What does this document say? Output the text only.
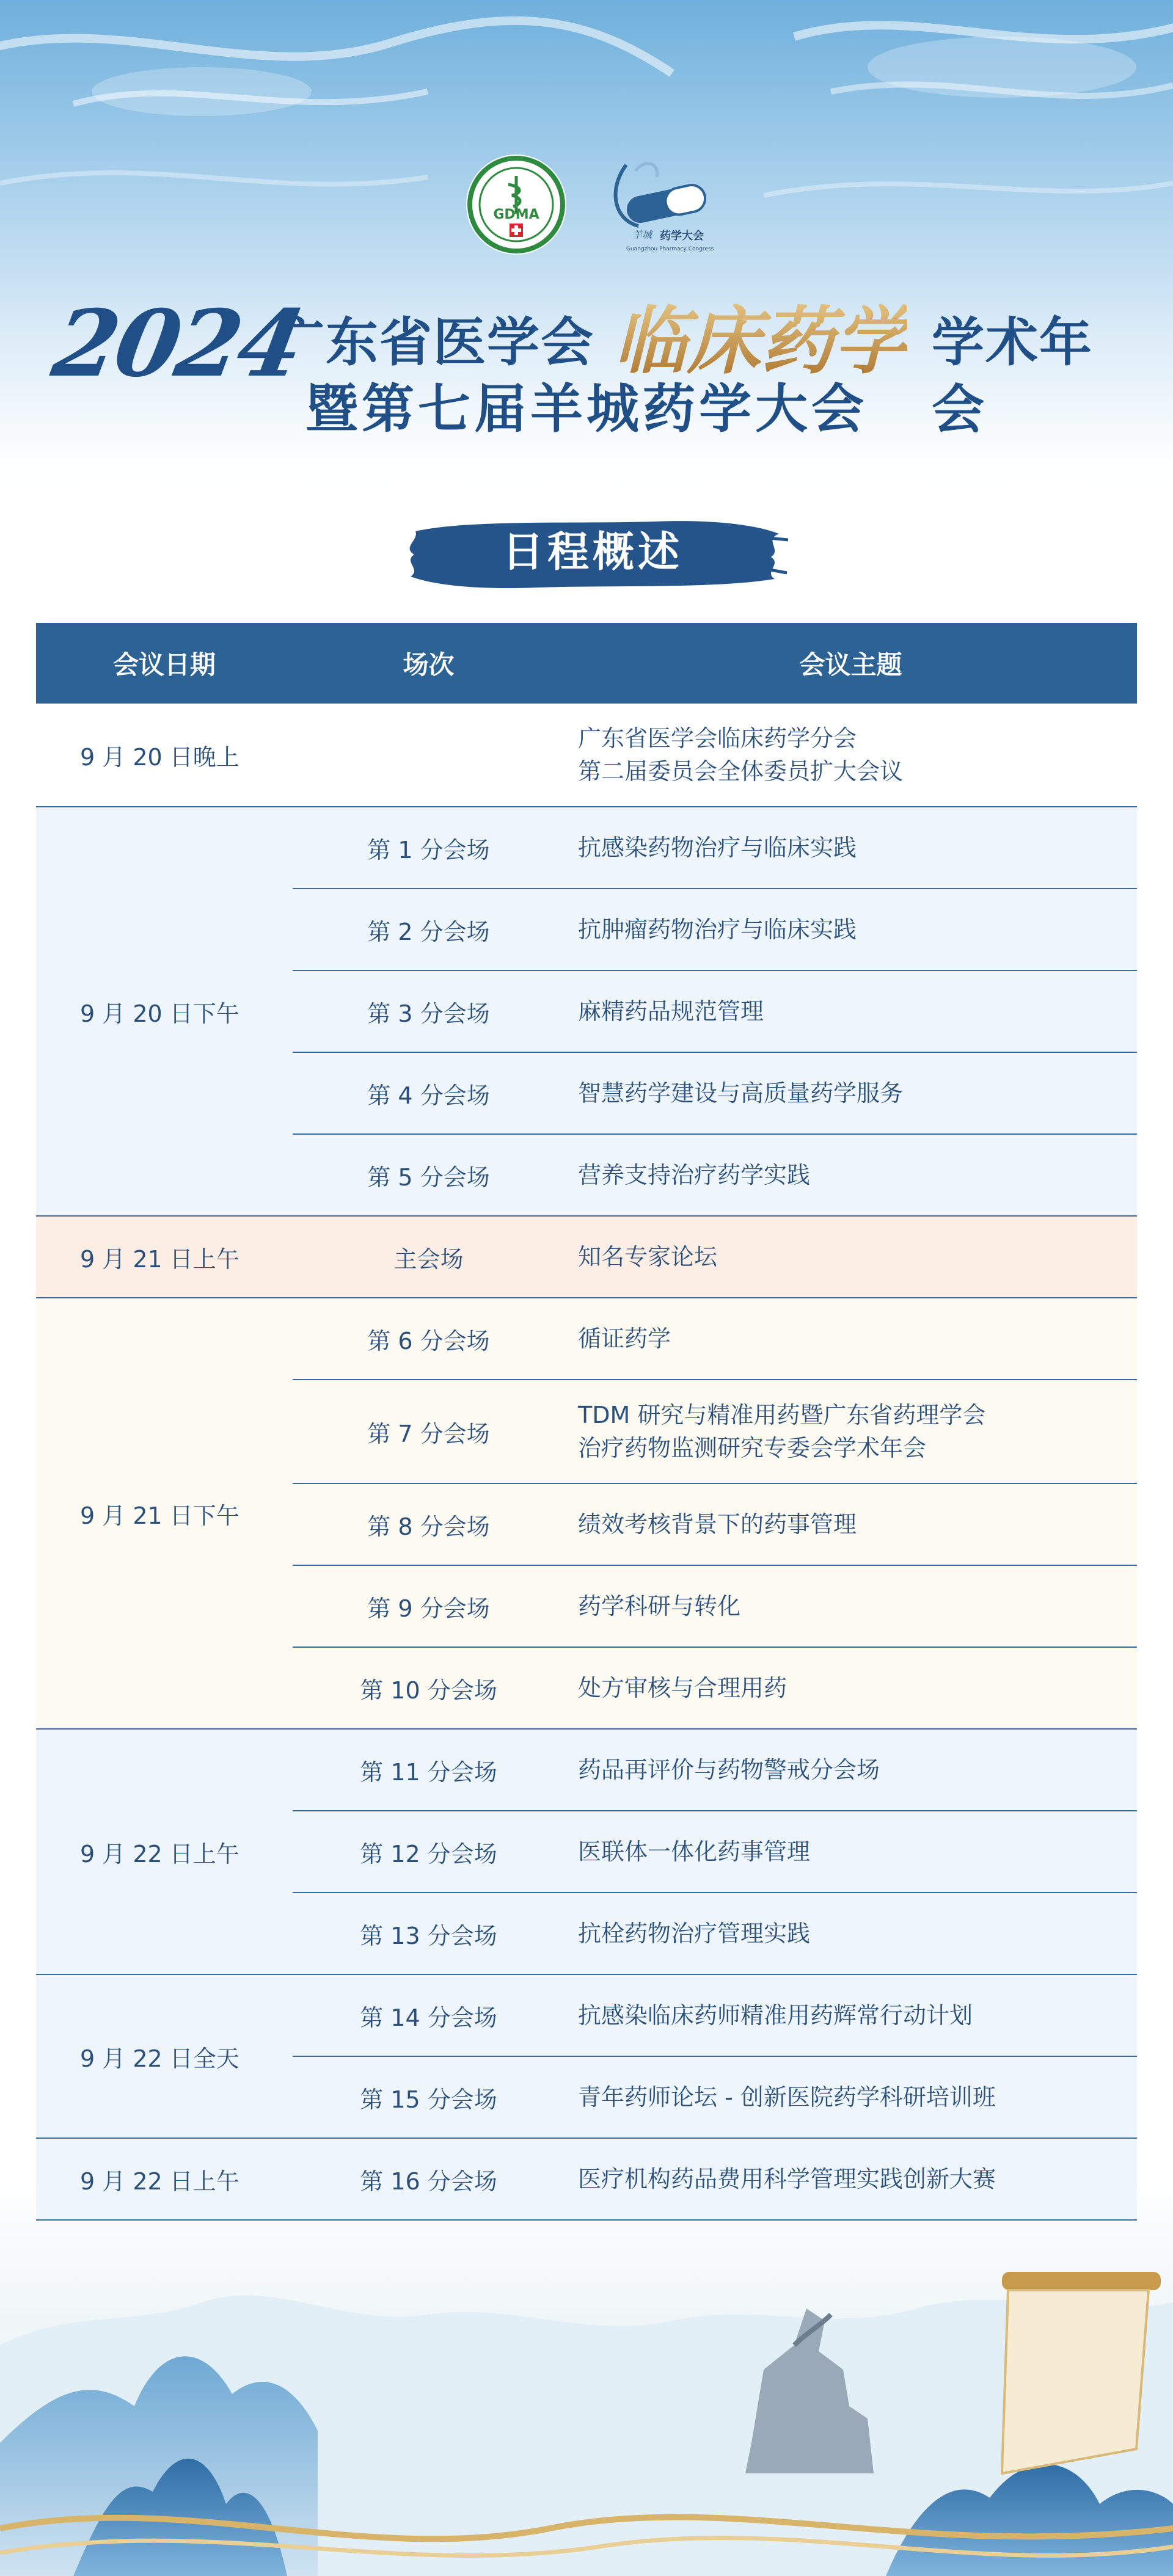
GDMA
羊城 药学大会
Guangzhou Pharmacy Congress
2024
广东省医学会 临床药学 学术年会
暨第七届羊城药学大会
日程概述
会议日期	场次	会议主题
9 月 20 日晚上		广东省医学会临床药学分会
第二届委员会全体委员扩大会议

9 月 20 日下午	第 1 分会场	抗感染药物治疗与临床实践

	第 2 分会场	抗肿瘤药物治疗与临床实践

	第 3 分会场	麻精药品规范管理

	第 4 分会场	智慧药学建设与高质量药学服务

	第 5 分会场	营养支持治疗药学实践

9 月 21 日上午	主会场	知名专家论坛

9 月 21 日下午	第 6 分会场	循证药学

	第 7 分会场	TDM 研究与精准用药暨广东省药理学会
治疗药物监测研究专委会学术年会

	第 8 分会场	绩效考核背景下的药事管理

	第 9 分会场	药学科研与转化

	第 10 分会场	处方审核与合理用药

9 月 22 日上午	第 11 分会场	药品再评价与药物警戒分会场

	第 12 分会场	医联体一体化药事管理

	第 13 分会场	抗栓药物治疗管理实践

9 月 22 日全天	第 14 分会场	抗感染临床药师精准用药辉常行动计划

	第 15 分会场	青年药师论坛 - 创新医院药学科研培训班

9 月 22 日上午	第 16 分会场	医疗机构药品费用科学管理实践创新大赛
